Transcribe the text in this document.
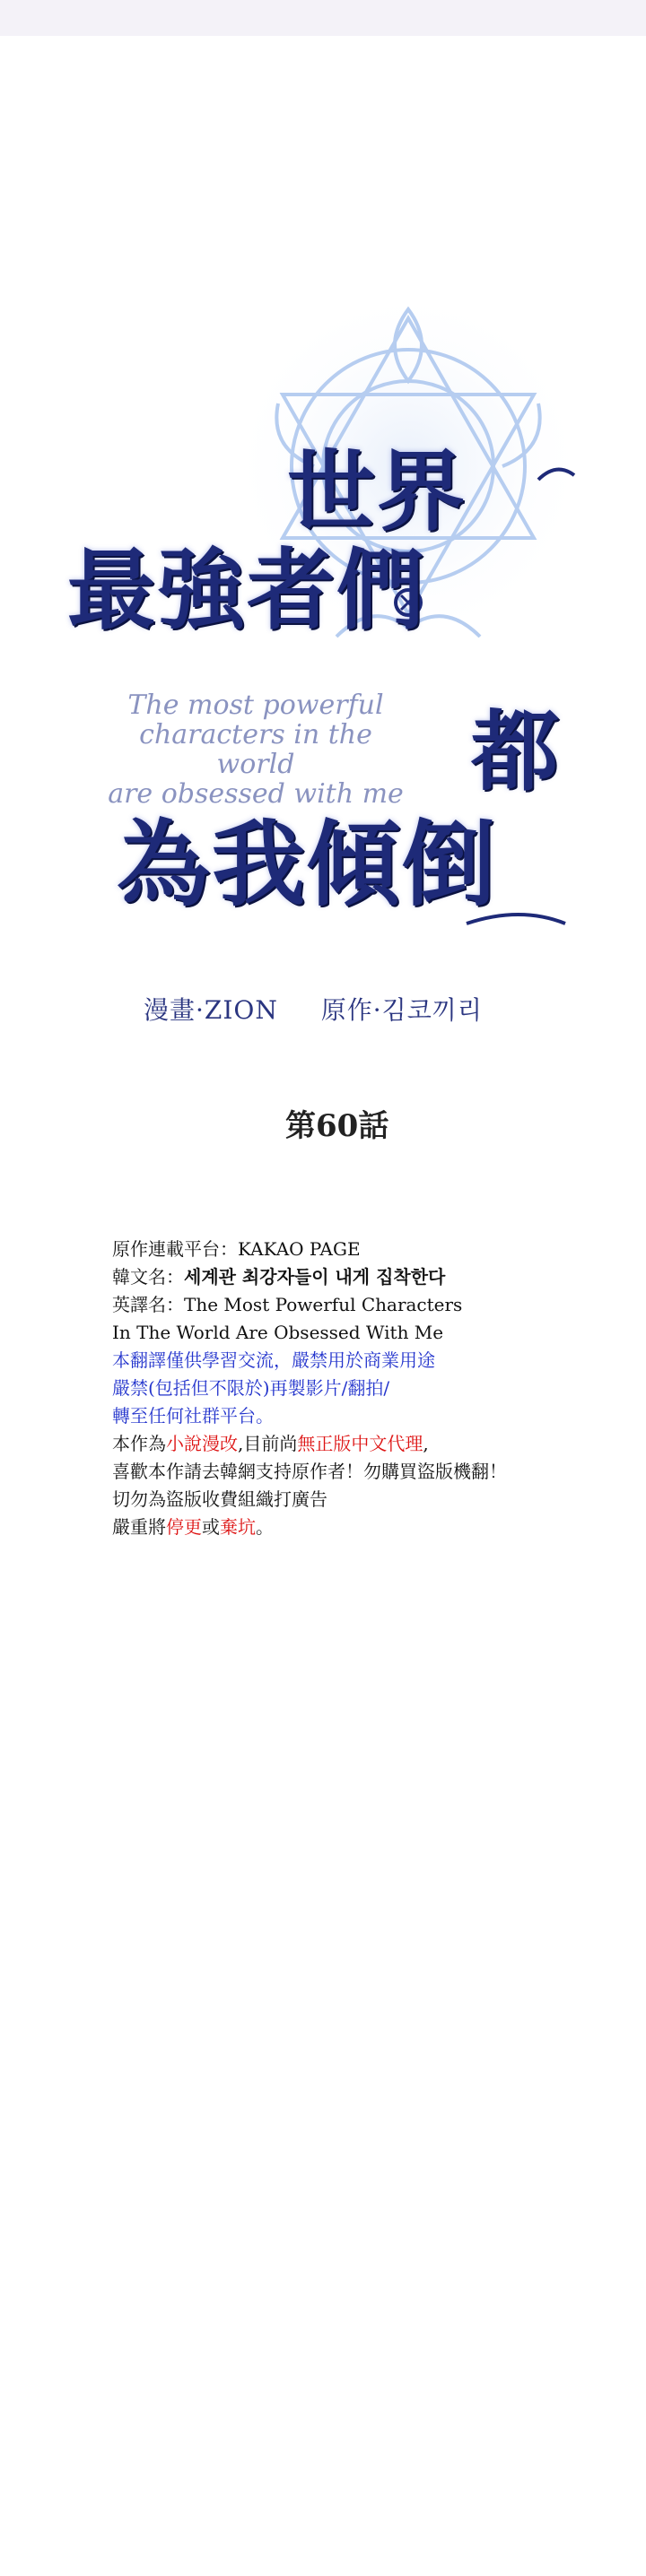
世界
最強者們
都
為我傾倒
The most powerful
characters in the world
are obsessed with me
漫畫·ZION 原作·김코끼리
第60話
原作連載平台：KAKAO PAGE
韓文名：세계관 최강자들이 내게 집착한다
英譯名：The Most Powerful Characters
In The World Are Obsessed With Me
本翻譯僅供學習交流，嚴禁用於商業用途
嚴禁(包括但不限於)再製影片/翻拍/
轉至任何社群平台。
本作為小說漫改,目前尚無正版中文代理,
喜歡本作請去韓網支持原作者！勿購買盜版機翻！
切勿為盜版收費組織打廣告
嚴重將停更或棄坑。
